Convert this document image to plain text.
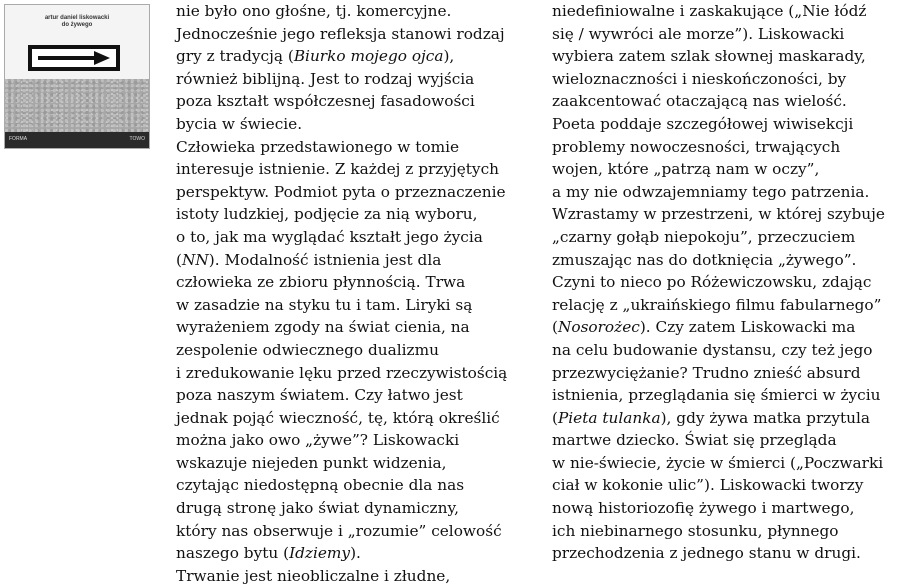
artur daniel liskowacki
do żywego
FORMA	TOWO
nie było ono głośne, tj. komercyjne.
Jednocześnie jego refleksja stanowi rodzaj
gry z tradycją (Biurko mojego ojca),
również biblijną. Jest to rodzaj wyjścia
poza kształt współczesnej fasadowości
bycia w świecie.
Człowieka przedstawionego w tomie
interesuje istnienie. Z każdej z przyjętych
perspektyw. Podmiot pyta o przeznaczenie
istoty ludzkiej, podjęcie za nią wyboru,
o to, jak ma wyglądać kształt jego życia
(NN). Modalność istnienia jest dla
człowieka ze zbioru płynnością. Trwa
w zasadzie na styku tu i tam. Liryki są
wyrażeniem zgody na świat cienia, na
zespolenie odwiecznego dualizmu
i zredukowanie lęku przed rzeczywistością
poza naszym światem. Czy łatwo jest
jednak pojąć wieczność, tę, którą określić
można jako owo „żywe”? Liskowacki
wskazuje niejeden punkt widzenia,
czytając niedostępną obecnie dla nas
drugą stronę jako świat dynamiczny,
który nas obserwuje i „rozumie” celowość
naszego bytu (Idziemy).
Trwanie jest nieobliczalne i złudne,
niedefiniowalne i zaskakujące („Nie łódź
się / wywróci ale morze”). Liskowacki
wybiera zatem szlak słownej maskarady,
wieloznaczności i nieskończoności, by
zaakcentować otaczającą nas wielość.
Poeta poddaje szczegółowej wiwisekcji
problemy nowoczesności, trwających
wojen, które „patrzą nam w oczy”,
a my nie odwzajemniamy tego patrzenia.
Wzrastamy w przestrzeni, w której szybuje
„czarny gołąb niepokoju”, przeczuciem
zmuszając nas do dotknięcia „żywego”.
Czyni to nieco po Różewiczowsku, zdając
relację z „ukraińskiego filmu fabularnego”
(Nosorożec). Czy zatem Liskowacki ma
na celu budowanie dystansu, czy też jego
przezwyciężanie? Trudno znieść absurd
istnienia, przeglądania się śmierci w życiu
(Pieta tulanka), gdy żywa matka przytula
martwe dziecko. Świat się przegląda
w nie-świecie, życie w śmierci („Poczwarki
ciał w kokonie ulic”). Liskowacki tworzy
nową historiozofię żywego i martwego,
ich niebinarnego stosunku, płynnego
przechodzenia z jednego stanu w drugi.
